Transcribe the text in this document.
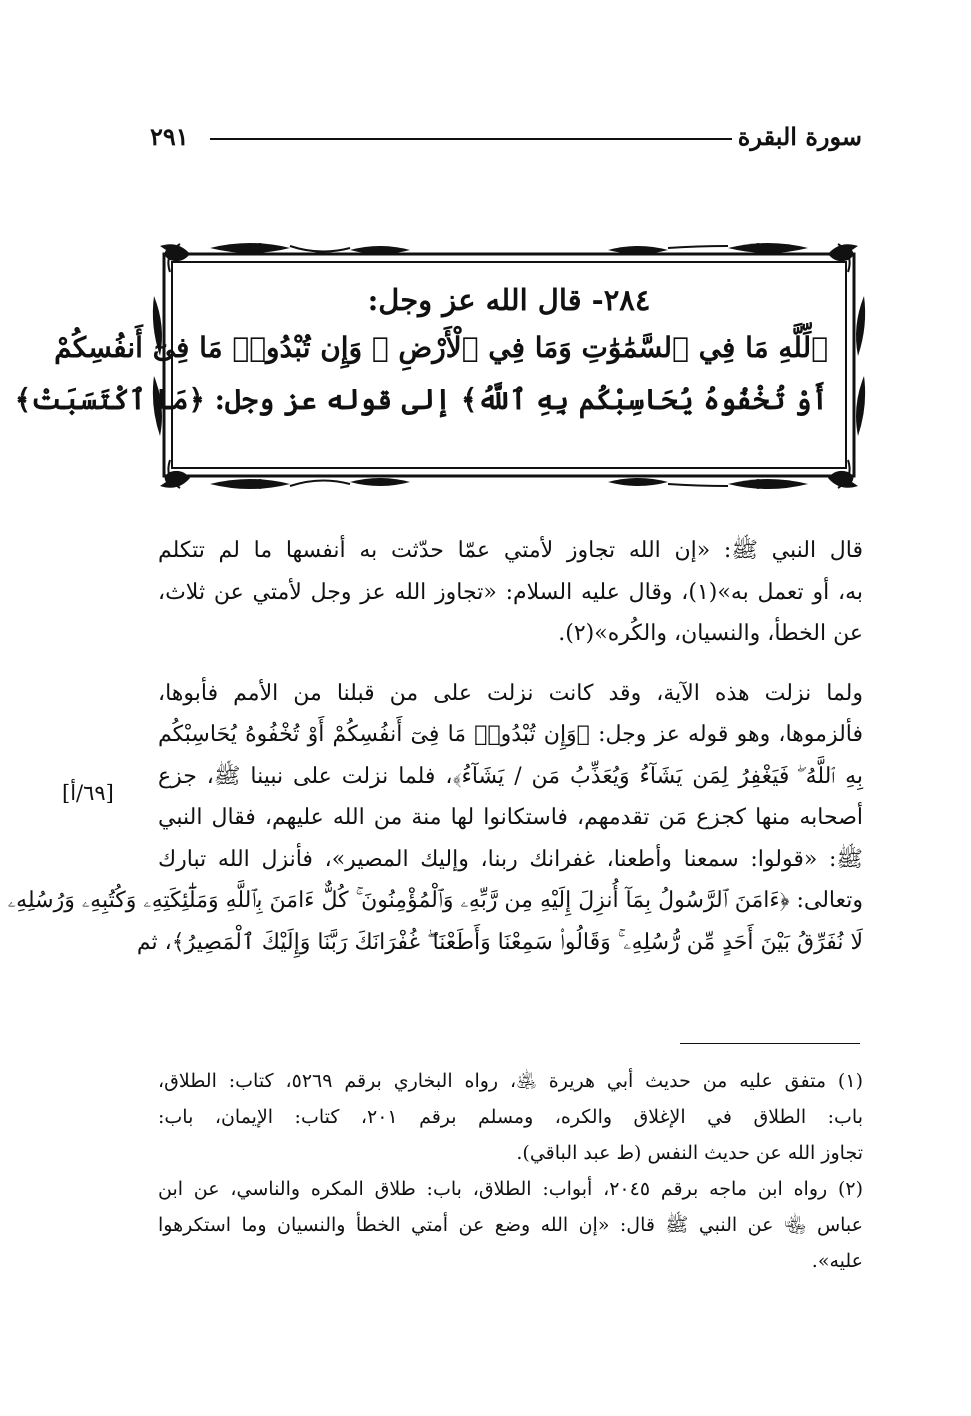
سورة البقرة
٢٩١
٢٨٤- قال الله عز وجل:
﴿لِّلَّهِ مَا فِي ٱلسَّمَٰوَٰتِ وَمَا فِي ٱلْأَرْضِ ۗ وَإِن تُبْدُوا۟ مَا فِىٓ أَنفُسِكُمْ
أَوْ تُخْفُوهُ يُحَاسِبْكُم بِهِ ٱللَّهُ﴾ إلى قوله عز وجل: ﴿مَا ٱكْتَسَبَتْ﴾

قال النبي ﷺ: «إن الله تجاوز لأمتي عمّا حدّثت به أنفسها ما لم تتكلم
به، أو تعمل به»(١)، وقال عليه السلام: «تجاوز الله عز وجل لأمتي عن ثلاث،
عن الخطأ، والنسيان، والكُره»(٢).

ولما نزلت هذه الآية، وقد كانت نزلت على من قبلنا من الأمم فأبوها،
فألزموها، وهو قوله عز وجل: ﴿وَإِن تُبْدُوا۟ مَا فِىٓ أَنفُسِكُمْ أَوْ تُخْفُوهُ يُحَاسِبْكُم
بِهِ ٱللَّهُ ۖ فَيَغْفِرُ لِمَن يَشَآءُ وَيُعَذِّبُ مَن / يَشَآءُ﴾، فلما نزلت على نبينا ﷺ، جزع
أصحابه منها كجزع مَن تقدمهم، فاستكانوا لها منة من الله عليهم، فقال النبي
ﷺ: «قولوا: سمعنا وأطعنا، غفرانك ربنا، وإليك المصير»، فأنزل الله تبارك
وتعالى: ﴿ءَامَنَ ٱلرَّسُولُ بِمَآ أُنزِلَ إِلَيْهِ مِن رَّبِّهِۦ وَٱلْمُؤْمِنُونَ ۚ كُلٌّ ءَامَنَ بِٱللَّهِ وَمَلَٰٓئِكَتِهِۦ وَكُتُبِهِۦ وَرُسُلِهِۦ
لَا نُفَرِّقُ بَيْنَ أَحَدٍ مِّن رُّسُلِهِۦ ۚ وَقَالُوا۟ سَمِعْنَا وَأَطَعْنَا ۖ غُفْرَانَكَ رَبَّنَا وَإِلَيْكَ ٱلْمَصِيرُ﴾، ثم

[٦٩/أ]

(١) متفق عليه من حديث أبي هريرة ﵁، رواه البخاري برقم ٥٢٦٩، كتاب: الطلاق،
باب: الطلاق في الإغلاق والكره، ومسلم برقم ٢٠١، كتاب: الإيمان، باب:
تجاوز الله عن حديث النفس (ط عبد الباقي).

(٢) رواه ابن ماجه برقم ٢٠٤٥، أبواب: الطلاق، باب: طلاق المكره والناسي، عن ابن
عباس ﵄ عن النبي ﷺ قال: «إن الله وضع عن أمتي الخطأ والنسيان وما استكرهوا
عليه».
